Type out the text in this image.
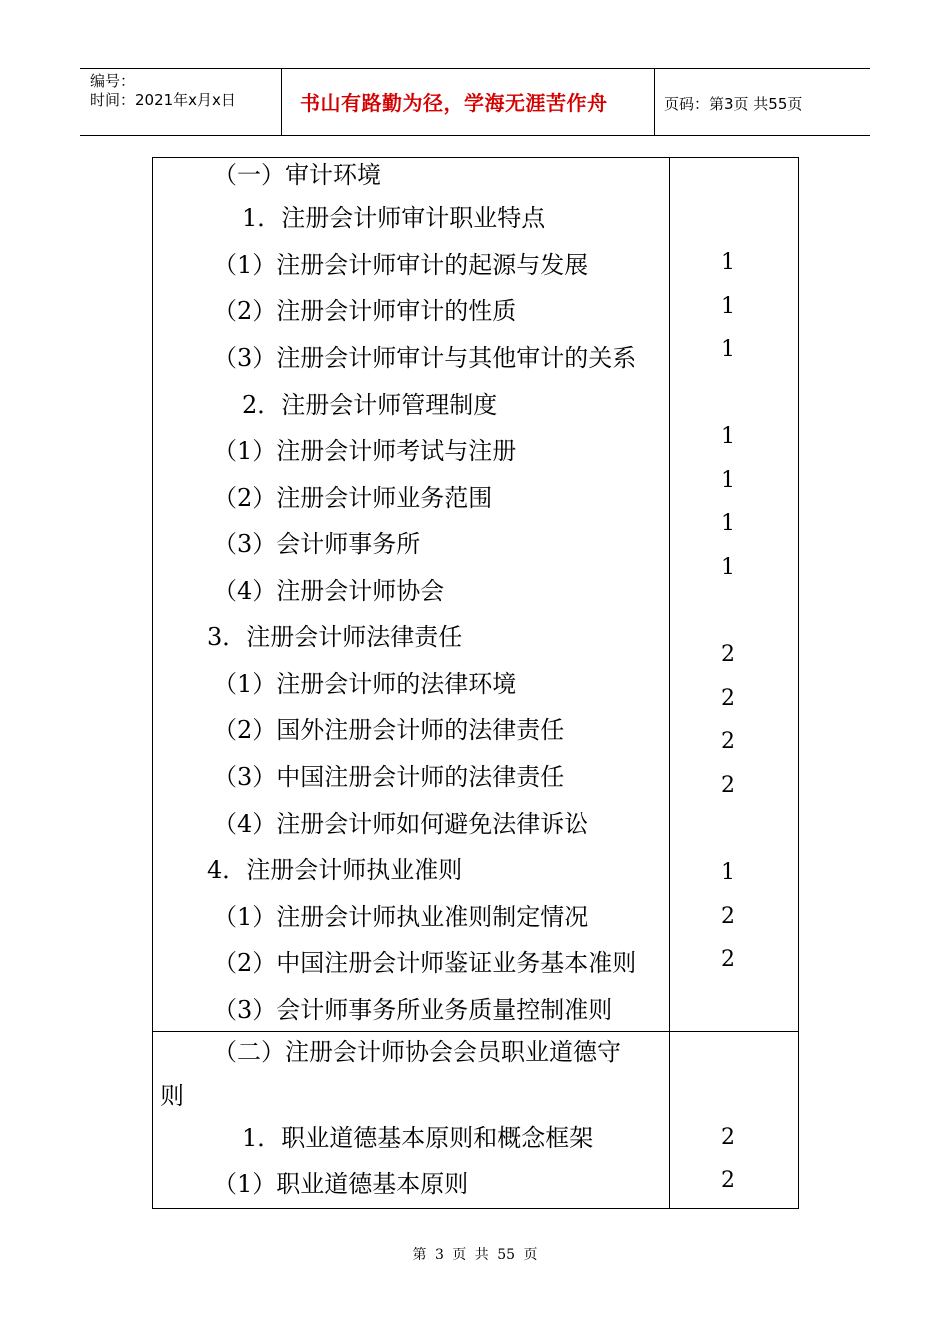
编号：
时间：2021年x月x日	书山有路勤为径，学海无涯苦作舟	页码：第3页 共55页
（一）审计环境
1．注册会计师审计职业特点
（1）注册会计师审计的起源与发展
（2）注册会计师审计的性质
（3）注册会计师审计与其他审计的关系
2．注册会计师管理制度
（1）注册会计师考试与注册
（2）注册会计师业务范围
（3）会计师事务所
（4）注册会计师协会
3．注册会计师法律责任
（1）注册会计师的法律环境
（2）国外注册会计师的法律责任
（3）中国注册会计师的法律责任
（4）注册会计师如何避免法律诉讼
4．注册会计师执业准则
（1）注册会计师执业准则制定情况
（2）中国注册会计师鉴证业务基本准则
（3）会计师事务所业务质量控制准则
1
1
1
1
1
1
1
2
2
2
2
1
2
2
（二）注册会计师协会会员职业道德守
则
1．职业道德基本原则和概念框架
（1）职业道德基本原则
2
2
第 3 页 共 55 页
